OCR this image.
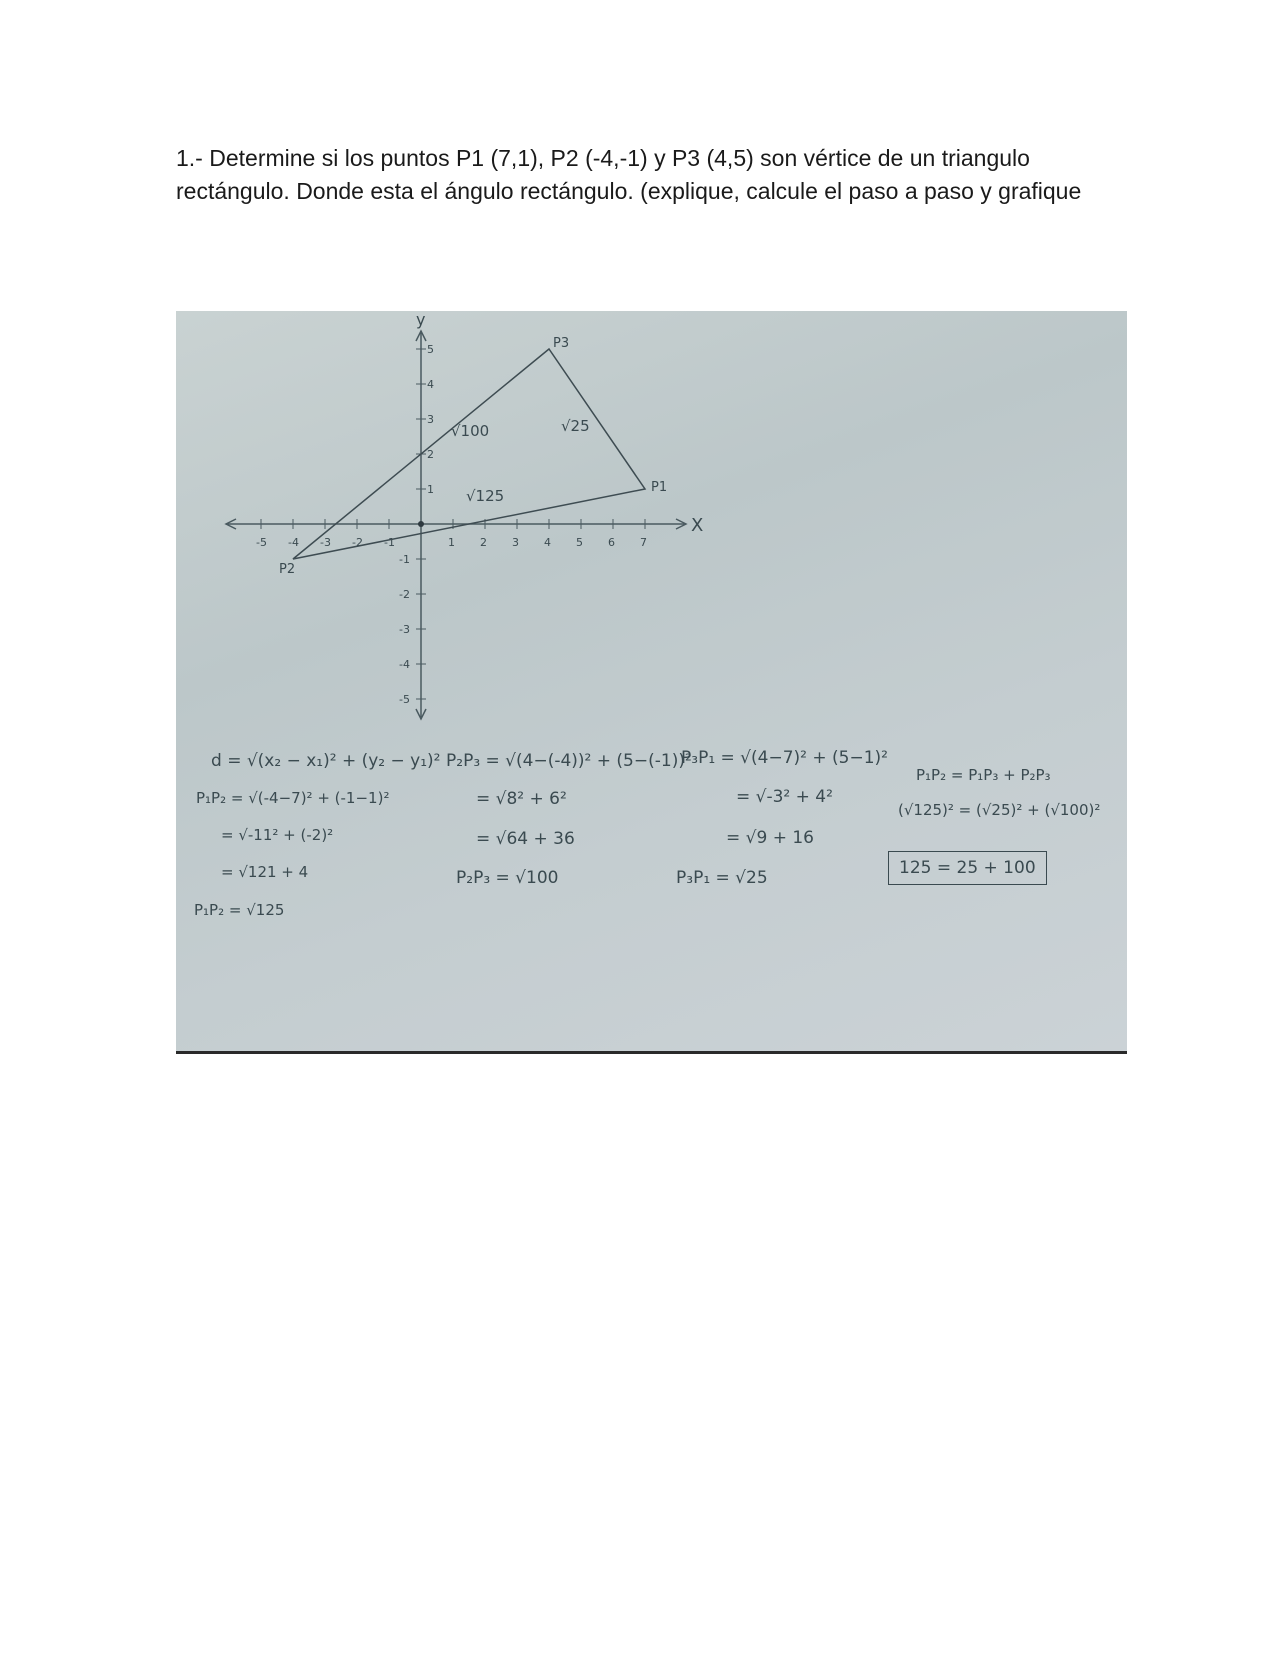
1.- Determine si los puntos P1 (7,1), P2 (-4,-1) y P3 (4,5) son vértice de un triangulo rectángulo. Donde esta el ángulo rectángulo. (explique, calcule el paso a paso y grafique
-5 -4 -3 -2 -1	1 2 3 4 5 6 7
5
4
3
2
1
-1
-2
-3
-4
-5
P1
P2
P3
X
y
√100	√25
√125
d = √(x₂ − x₁)² + (y₂ − y₁)²
P₁P₂ = √(-4−7)² + (-1−1)²
= √-11² + (-2)²
= √121 + 4
P₁P₂ = √125
P₂P₃ = √(4−(-4))² + (5−(-1))²
= √8² + 6²
= √64 + 36
P₂P₃ = √100
P₃P₁ = √(4−7)² + (5−1)²
= √-3² + 4²
= √9 + 16
P₃P₁ = √25
P₁P₂ = P₁P₃ + P₂P₃
(√125)² = (√25)² + (√100)²
125 = 25 + 100
